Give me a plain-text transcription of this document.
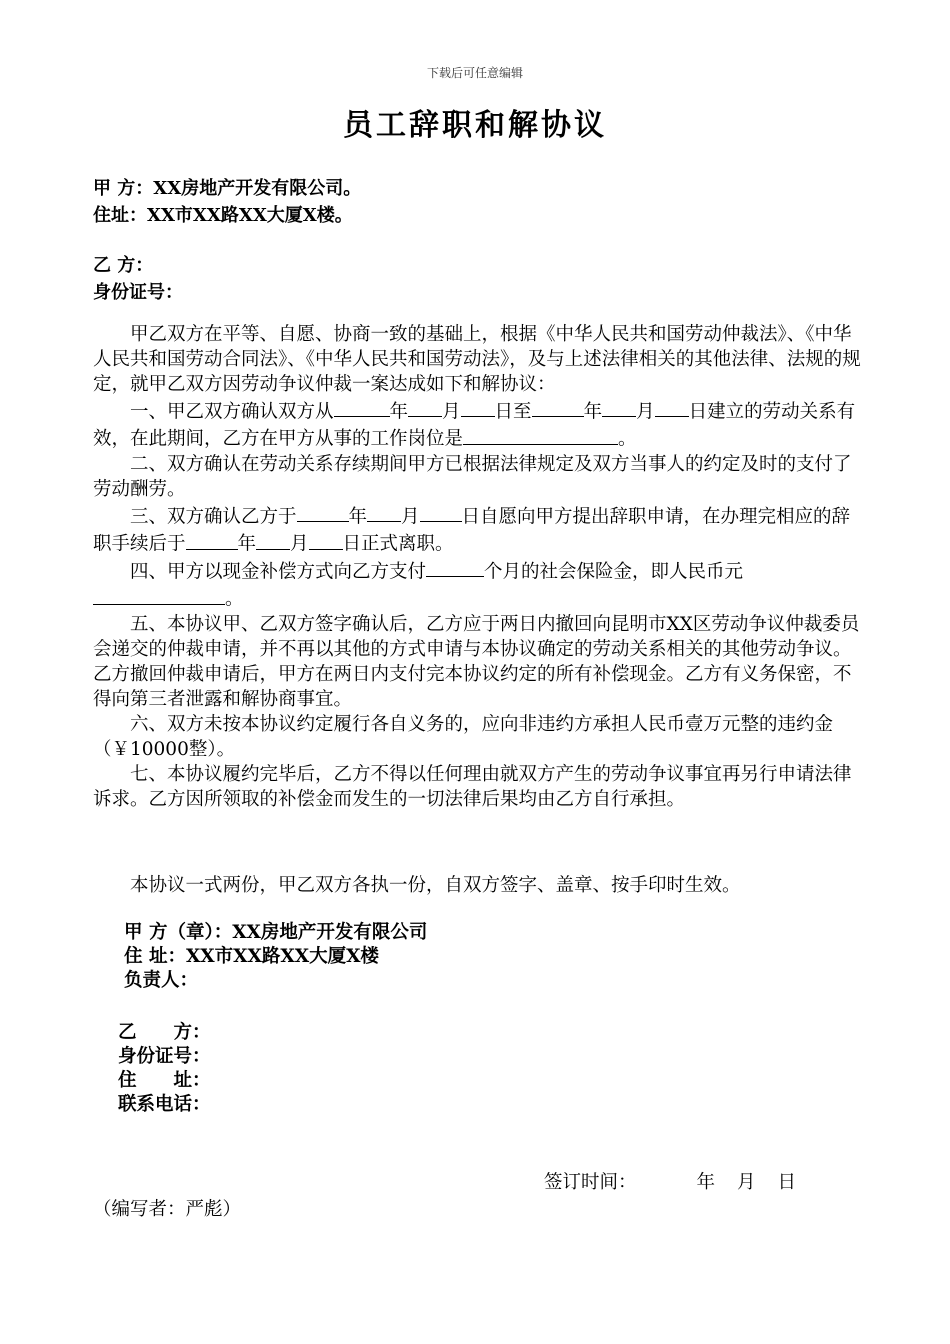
下载后可任意编辑
员工辞职和解协议
甲 方：XX房地产开发有限公司。
住址：XX市XX路XX大厦X楼。
乙 方：
身份证号：

甲乙双方在平等、自愿、协商一致的基础上，根据《中华人民共和国劳动仲裁法》、《中华人民共和国劳动合同法》、《中华人民共和国劳动法》，及与上述法律相关的其他法律、法规的规定，就甲乙双方因劳动争议仲裁一案达成如下和解协议：

一、甲乙双方确认双方从	年 月 日至	年 月 日建立的劳动关系有效，在此期间，乙方在甲方从事的工作岗位是	。

二、双方确认在劳动关系存续期间甲方已根据法律规定及双方当事人的约定及时的支付了劳动酬劳。

三、双方确认乙方于	年 月 日自愿向甲方提出辞职申请，在办理完相应的辞职手续后于	年 月 日正式离职。

四、甲方以现金补偿方式向乙方支付	个月的社会保险金，即人民币元。

五、本协议甲、乙双方签字确认后，乙方应于两日内撤回向昆明市XX区劳动争议仲裁委员会递交的仲裁申请，并不再以其他的方式申请与本协议确定的劳动关系相关的其他劳动争议。乙方撤回仲裁申请后，甲方在两日内支付完本协议约定的所有补偿现金。乙方有义务保密，不得向第三者泄露和解协商事宜。

六、双方未按本协议约定履行各自义务的，应向非违约方承担人民币壹万元整的违约金（￥10000整）。

七、本协议履约完毕后，乙方不得以任何理由就双方产生的劳动争议事宜再另行申请法律诉求。乙方因所领取的补偿金而发生的一切法律后果均由乙方自行承担。

本协议一式两份，甲乙双方各执一份，自双方签字、盖章、按手印时生效。
甲 方（章）：XX房地产开发有限公司
住 址：XX市XX路XX大厦X楼
负责人：
乙　　方：
身份证号：
住　　址：
联系电话：
签订时间：	年 月 日
（编写者：严彪）
